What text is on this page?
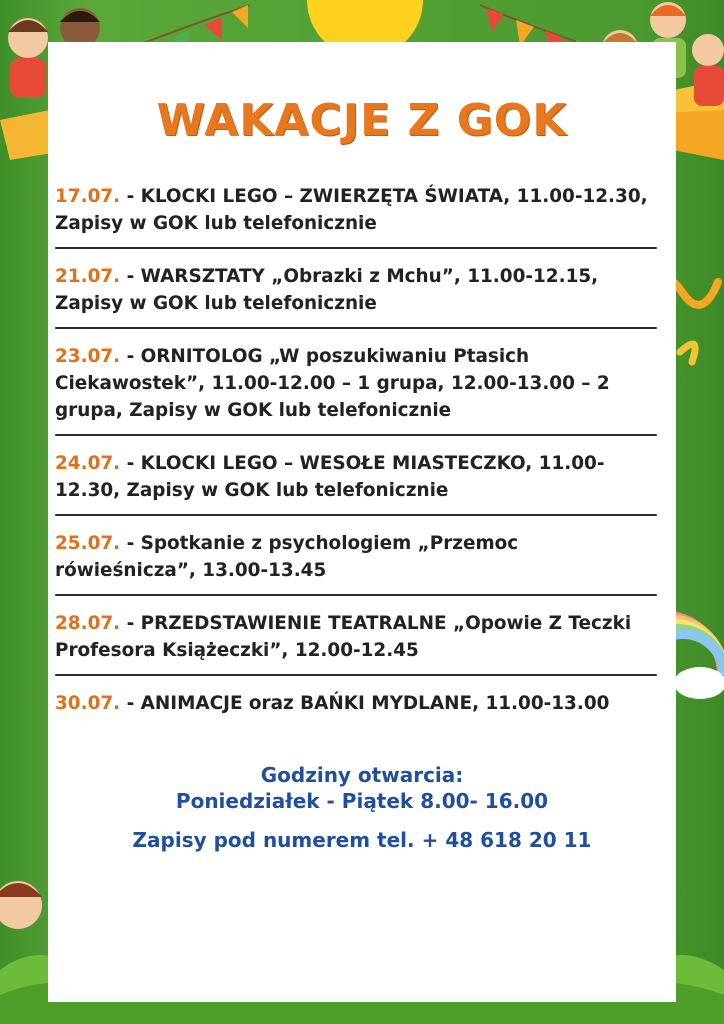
WAKACJE Z GOK
17.07. - KLOCKI LEGO – ZWIERZĘTA ŚWIATA, 11.00-12.30, Zapisy w GOK lub telefonicznie
21.07. - WARSZTATY „Obrazki z Mchu”, 11.00-12.15, Zapisy w GOK lub telefonicznie
23.07. - ORNITOLOG „W poszukiwaniu Ptasich Ciekawostek”, 11.00-12.00 – 1 grupa, 12.00-13.00 – 2 grupa, Zapisy w GOK lub telefonicznie
24.07. - KLOCKI LEGO – WESOŁE MIASTECZKO, 11.00-12.30, Zapisy w GOK lub telefonicznie
25.07. - Spotkanie z psychologiem „Przemoc rówieśnicza”, 13.00-13.45
28.07. - PRZEDSTAWIENIE TEATRALNE „Opowie Z Teczki Profesora Książeczki”, 12.00-12.45
30.07. - ANIMACJE oraz BAŃKI MYDLANE, 11.00-13.00
Godziny otwarcia:
Poniedziałek - Piątek 8.00- 16.00
Zapisy pod numerem tel. + 48 618 20 11
